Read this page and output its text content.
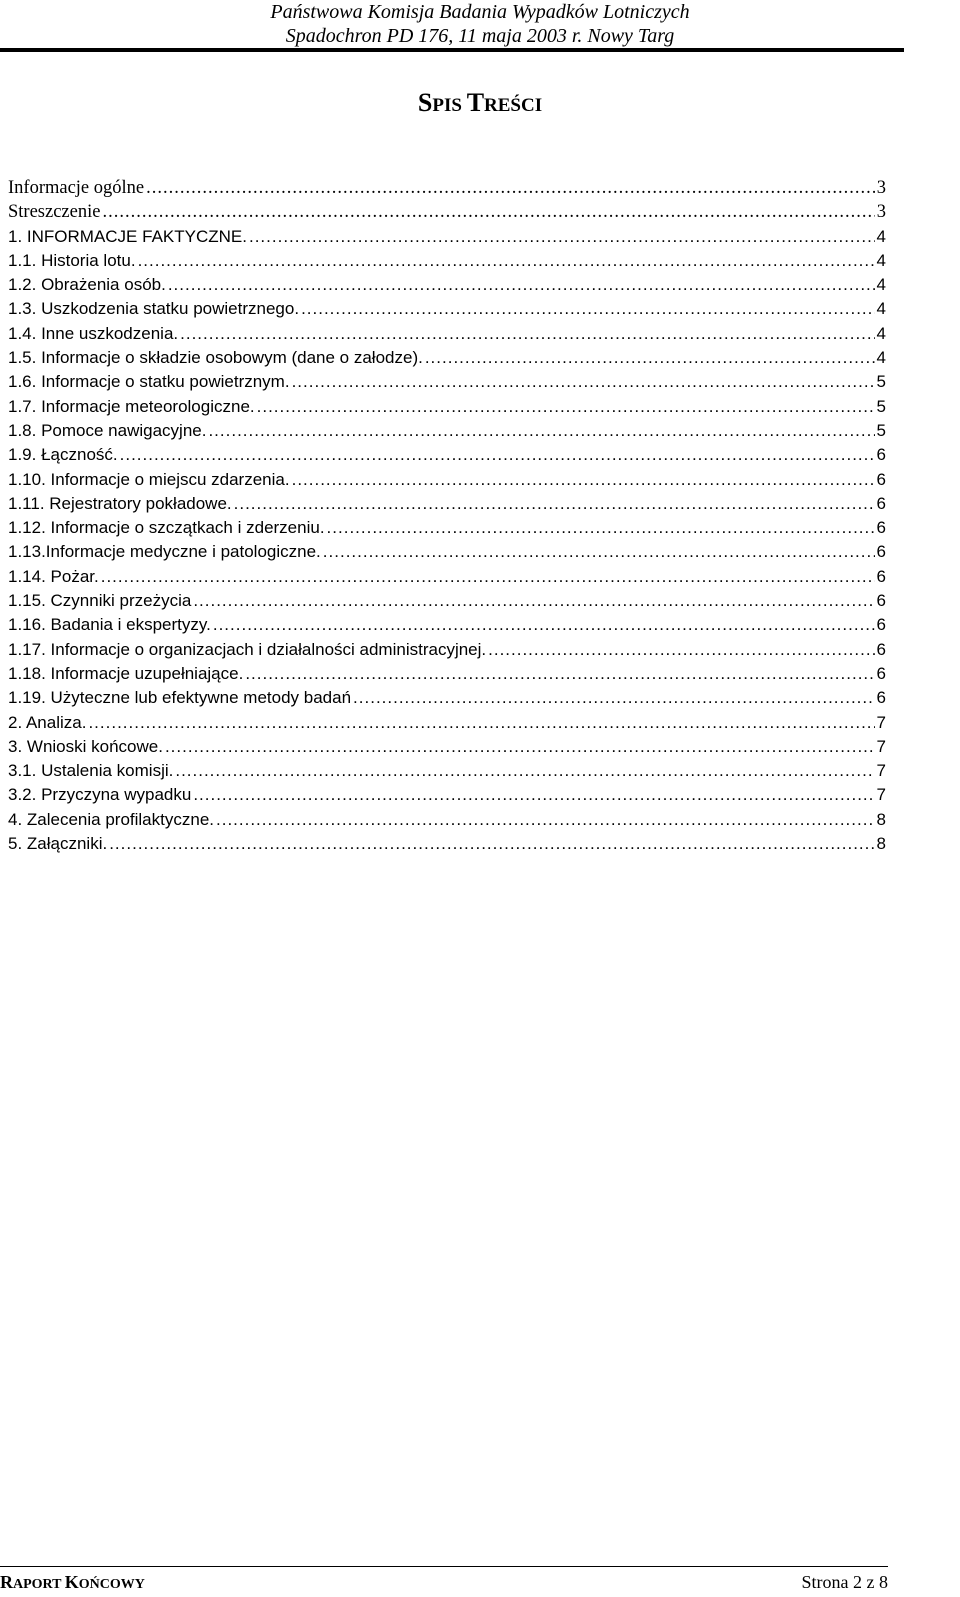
Państwowa Komisja Badania Wypadków Lotniczych
Spadochron PD 176, 11 maja 2003 r. Nowy Targ
SPIS TREŚCI
Informacje ogólne .....	3
Streszczenie .....	3
1. INFORMACJE FAKTYCZNE. .....	4
1.1. Historia lotu. .....	4
1.2. Obrażenia osób. .....	4
1.3. Uszkodzenia statku powietrznego. .....	4
1.4. Inne uszkodzenia. .....	4
1.5. Informacje o składzie osobowym (dane o załodze). .....	4
1.6. Informacje o statku powietrznym. .....	5
1.7. Informacje meteorologiczne. .....	5
1.8. Pomoce nawigacyjne. .....	5
1.9. Łączność. .....	6
1.10. Informacje o miejscu zdarzenia. .....	6
1.11. Rejestratory pokładowe. .....	6
1.12. Informacje o szczątkach i zderzeniu. .....	6
1.13.Informacje medyczne i patologiczne. .....	6
1.14. Pożar. .....	6
1.15. Czynniki przeżycia .....	6
1.16. Badania i ekspertyzy. .....	6
1.17. Informacje o organizacjach i działalności administracyjnej. .....	6
1.18. Informacje uzupełniające. .....	6
1.19. Użyteczne lub efektywne metody badań .....	6
2. Analiza. .....	7
3. Wnioski końcowe. .....	7
3.1. Ustalenia komisji. .....	7
3.2. Przyczyna wypadku .....	7
4. Zalecenia profilaktyczne. .....	8
5. Załączniki. .....	8
RAPORT KOŃCOWY	Strona 2 z 8
